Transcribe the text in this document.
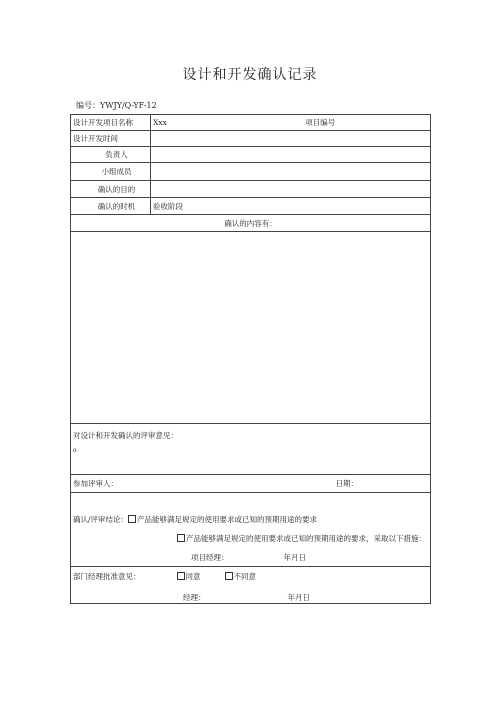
设计和开发确认记录
编号：YWJY/Q-YF-12
设计开发项目名称	Xxx 项目编号
设计开发时间	
负责人	
小组成员	
确认的目的	
确认的时机	验收阶段
确认的内容有：	

对设计和开发确认的评审意见：
o	

参加评审人： 日期：	

确认/评审结论： 产品能够满足规定的使用要求或已知的预期用途的要求
产品能够满足规定的使用要求或已知的预期用途的要求，采取以下措施：
项目经理： 年月日	

部门经理批准意见： 同意 不同意
经理： 年月日	
